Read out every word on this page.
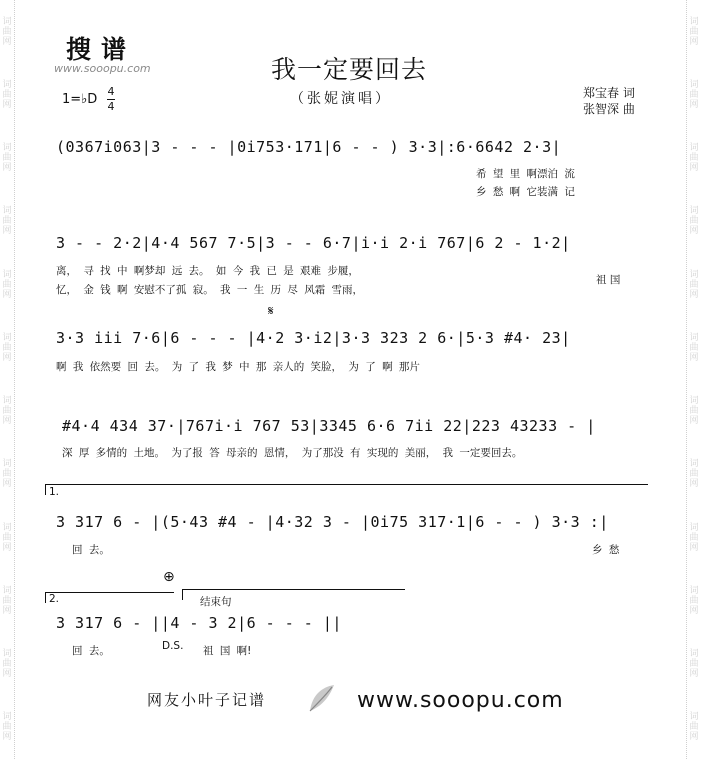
词
曲
网
词
曲
网
词
曲
网
词
曲
网
词
曲
网
词
曲
网
词
曲
网
词
曲
网
词
曲
网
词
曲
网
词
曲
网
词
曲
网
词
曲
网
词
曲
网
词
曲
网
词
曲
网
词
曲
网
词
曲
网
词
曲
网
词
曲
网
词
曲
网
词
曲
网
词
曲
网
词
曲
网
搜谱
www.sooopu.com	我一定要回去
（张妮演唱）
1=♭D
4
4
郑宝春 词
张智深 曲
(0367i063|3 - - - |0i753·171|6 - - ) 3·3|:6·6642 2·3|
希 望 里 啊漂泊 流
乡 愁 啊 它装满 记
3 - - 2·2|4·4 567 7·5|3 - - 6·7|i·i 2·i 767|6 2 - 1·2|
离， 寻 找 中 啊梦却 远 去。 如 今 我 已 是 艰难 步履，
忆， 金 钱 啊 安慰不了孤 寂。 我 一 生 历 尽 风霜 雪雨，
祖 国
𝄋
3·3 iii 7·6|6 - - - |4·2 3·i2|3·3 323 2 6·|5·3 #4· 23|
啊 我 依然要 回 去。 为 了 我 梦 中 那 亲人的 笑脸， 为 了 啊 那片
#4·4 434 37·|767i·i 767 53|3345 6·6 7ii 22|223 43233 - |
深 厚 多情的 土地。 为了报 答 母亲的 恩情， 为了那没 有 实现的 美丽， 我 一定要回去。
1.
3 317 6 - |(5·43 #4 - |4·32 3 - |0i75 317·1|6 - - ) 3·3 :|
回 去。	乡 愁
⊕
2.	结束句
3 317 6 - ||4 - 3 2|6 - - - ||
回 去。	祖 国 啊!
D.S.
网友小叶子记谱	www.sooopu.com
